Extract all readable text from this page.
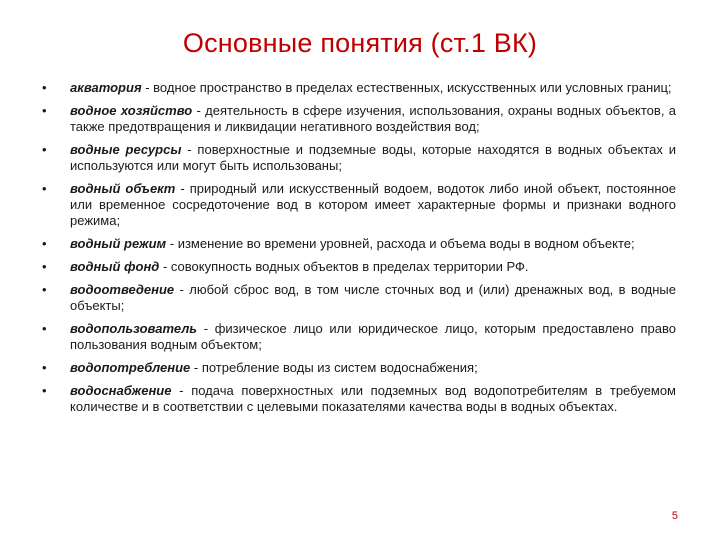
Основные понятия (ст.1 ВК)
• акватория - водное пространство в пределах естественных, искусственных или условных границ;
• водное хозяйство - деятельность в сфере изучения, использования, охраны водных объектов, а также предотвращения и ликвидации негативного воздействия вод;
• водные ресурсы - поверхностные и подземные воды, которые находятся в водных объектах и используются или могут быть использованы;
• водный объект - природный или искусственный водоем, водоток либо иной объект, постоянное или временное сосредоточение вод в котором имеет характерные формы и признаки водного режима;
• водный режим - изменение во времени уровней, расхода и объема воды в водном объекте;
• водный фонд - совокупность водных объектов в пределах территории РФ.
• водоотведение - любой сброс вод, в том числе сточных вод и (или) дренажных вод, в водные объекты;
• водопользователь - физическое лицо или юридическое лицо, которым предоставлено право пользования водным объектом;
• водопотребление - потребление воды из систем водоснабжения;
• водоснабжение - подача поверхностных или подземных вод водопотребителям в требуемом количестве и в соответствии с целевыми показателями качества воды в водных объектах.
5
